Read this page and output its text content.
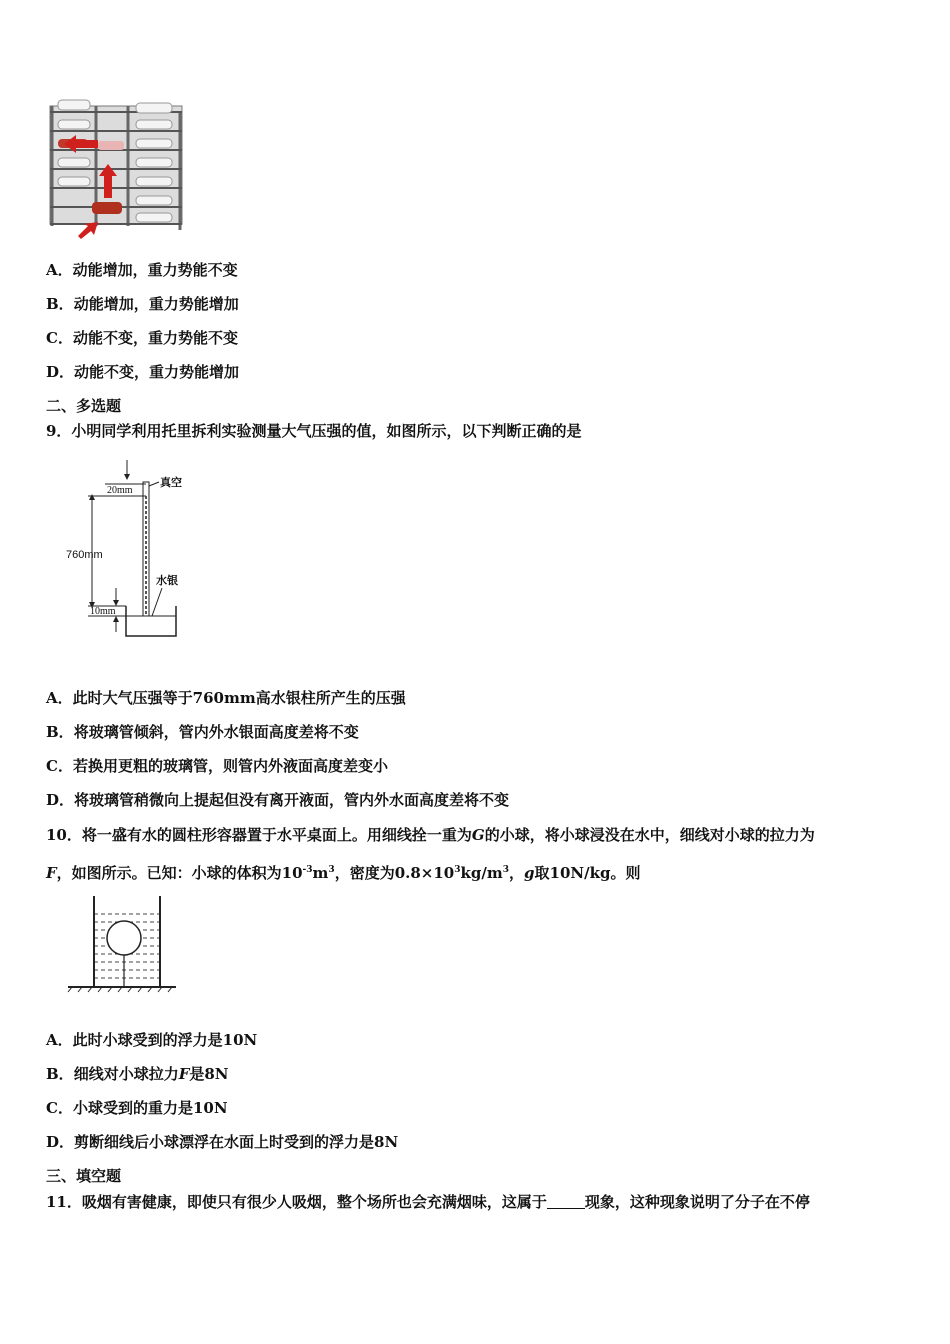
A．动能增加，重力势能不变
B．动能增加，重力势能增加
C．动能不变，重力势能不变
D．动能不变，重力势能增加
二、多选题
9．小明同学利用托里拆利实验测量大气压强的值，如图所示，以下判断正确的是
20mm
真空
760mm
水银
10mm
A．此时大气压强等于760mm高水银柱所产生的压强
B．将玻璃管倾斜，管内外水银面高度差将不变
C．若换用更粗的玻璃管，则管内外液面高度差变小
D．将玻璃管稍微向上提起但没有离开液面，管内外水面高度差将不变
10．将一盛有水的圆柱形容器置于水平桌面上。用细线拴一重为G的小球，将小球浸没在水中，细线对小球的拉力为
F，如图所示。已知：小球的体积为$10^{-3}m^3$，密度为$0.8\times 10^3kg/m^3$，g取10N/kg。则
A．此时小球受到的浮力是10N
B．细线对小球拉力F是8N
C．小球受到的重力是10N
D．剪断细线后小球漂浮在水面上时受到的浮力是8N
三、填空题
11．吸烟有害健康，即使只有很少人吸烟，整个场所也会充满烟味，这属于	现象，这种现象说明了分子在不停
